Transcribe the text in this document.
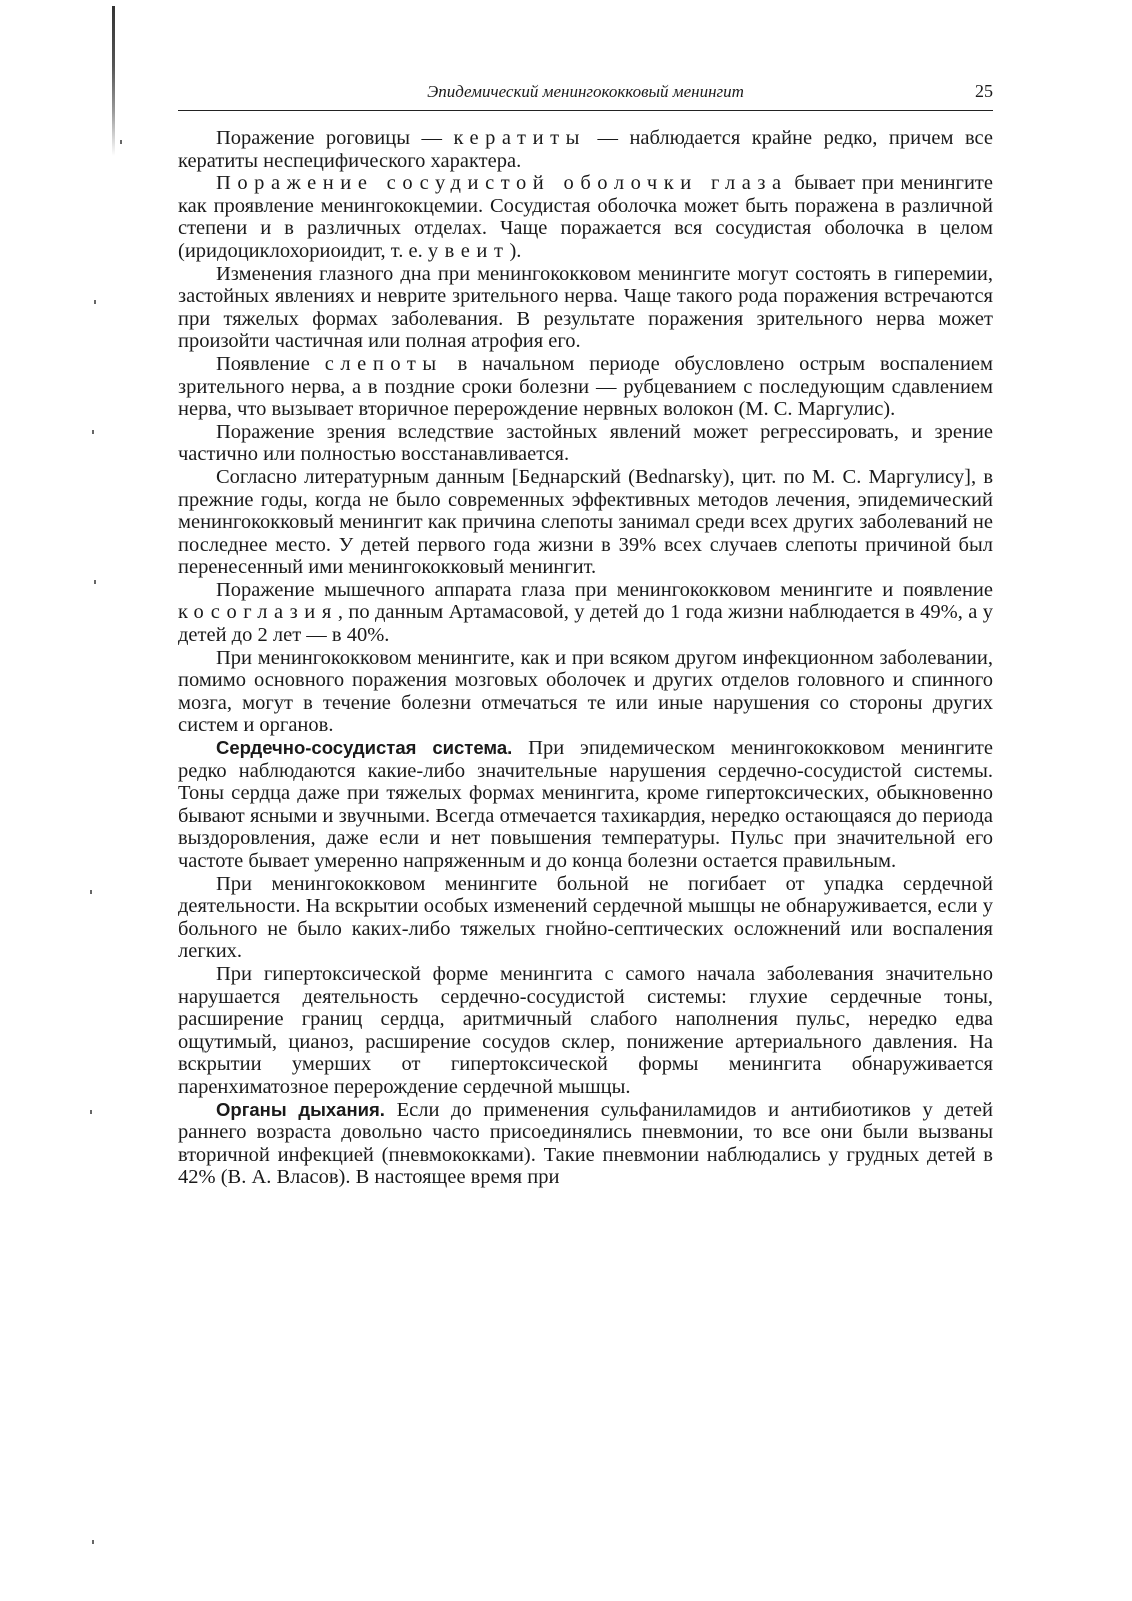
Эпидемический менингококковый менингит	25

Поражение роговицы — кератиты — наблюдается крайне редко, причем все кератиты неспецифического характера.

Поражение сосудистой оболочки глаза бывает при менингите как проявление менингококцемии. Сосудистая оболочка может быть поражена в различной степени и в различных отделах. Чаще поражается вся сосудистая оболочка в целом (иридоциклохориоидит, т. е. увеит).

Изменения глазного дна при менингококковом менингите могут состоять в гиперемии, застойных явлениях и неврите зрительного нерва. Чаще такого рода поражения встречаются при тяжелых формах заболевания. В результате поражения зрительного нерва может произойти частичная или полная атрофия его.

Появление слепоты в начальном периоде обусловлено острым воспалением зрительного нерва, а в поздние сроки болезни — рубцеванием с последующим сдавлением нерва, что вызывает вторичное перерождение нервных волокон (М. С. Маргулис).

Поражение зрения вследствие застойных явлений может регрессировать, и зрение частично или полностью восстанавливается.

Согласно литературным данным [Беднарский (Bednarsky), цит. по М. С. Маргулису], в прежние годы, когда не было современных эффективных методов лечения, эпидемический менингококковый менингит как причина слепоты занимал среди всех других заболеваний не последнее место. У детей первого года жизни в 39% всех случаев слепоты причиной был перенесенный ими менингококковый менингит.

Поражение мышечного аппарата глаза при менингококковом менингите и появление косоглазия, по данным Артамасовой, у детей до 1 года жизни наблюдается в 49%, а у детей до 2 лет — в 40%.

При менингококковом менингите, как и при всяком другом инфекционном заболевании, помимо основного поражения мозговых оболочек и других отделов головного и спинного мозга, могут в течение болезни отмечаться те или иные нарушения со стороны других систем и органов.

Сердечно-сосудистая система. При эпидемическом менингококковом менингите редко наблюдаются какие-либо значительные нарушения сердечно-сосудистой системы. Тоны сердца даже при тяжелых формах менингита, кроме гипертоксических, обыкновенно бывают ясными и звучными. Всегда отмечается тахикардия, нередко остающаяся до периода выздоровления, даже если и нет повышения температуры. Пульс при значительной его частоте бывает умеренно напряженным и до конца болезни остается правильным.

При менингококковом менингите больной не погибает от упадка сердечной деятельности. На вскрытии особых изменений сердечной мышцы не обнаруживается, если у больного не было каких-либо тяжелых гнойно-септических осложнений или воспаления легких.

При гипертоксической форме менингита с самого начала заболевания значительно нарушается деятельность сердечно-сосудистой системы: глухие сердечные тоны, расширение границ сердца, аритмичный слабого наполнения пульс, нередко едва ощутимый, цианоз, расширение сосудов склер, понижение артериального давления. На вскрытии умерших от гипертоксической формы менингита обнаруживается паренхиматозное перерождение сердечной мышцы.

Органы дыхания. Если до применения сульфаниламидов и антибиотиков у детей раннего возраста довольно часто присоединялись пневмонии, то все они были вызваны вторичной инфекцией (пневмококками). Такие пневмонии наблюдались у грудных детей в 42% (В. А. Власов). В настоящее время при
